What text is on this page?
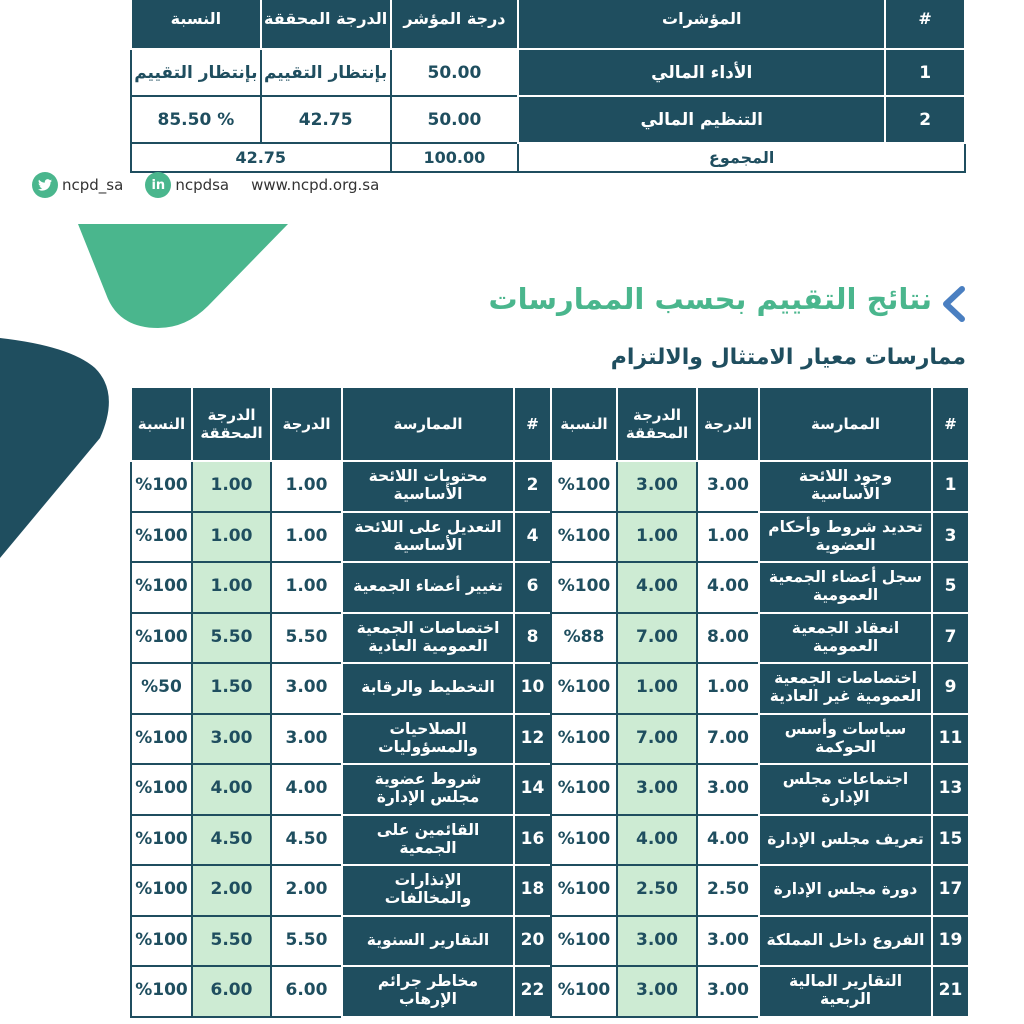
#	المؤشرات	درجة المؤشر	الدرجة المحققة	النسبة
1	الأداء المالي	50.00	بإنتظار التقييم	بإنتظار التقييم
2	التنظيم المالي	50.00	42.75	% 85.50
المجموع		100.00	42.75	
ncpd_sa	in ncpdsa www.ncpd.org.sa
نتائج التقييم بحسب الممارسات
ممارسات معيار الامتثال والالتزام
#	الممارسة	الدرجة	الدرجة المحققة	النسبة	#	الممارسة	الدرجة	الدرجة المحققة	النسبة
1	وجود اللائحة الأساسية	3.00	3.00	%100	2	محتويات اللائحة الأساسية	1.00	1.00	%100
3	تحديد شروط وأحكام العضوية	1.00	1.00	%100	4	التعديل على اللائحة الأساسية	1.00	1.00	%100
5	سجل أعضاء الجمعية العمومية	4.00	4.00	%100	6	تغيير أعضاء الجمعية	1.00	1.00	%100
7	انعقاد الجمعية العمومية	8.00	7.00	%88	8	اختصاصات الجمعية العمومية العادية	5.50	5.50	%100
9	اختصاصات الجمعية العمومية غير العادية	1.00	1.00	%100	10	التخطيط والرقابة	3.00	1.50	%50
11	سياسات وأسس الحوكمة	7.00	7.00	%100	12	الصلاحيات والمسؤوليات	3.00	3.00	%100
13	اجتماعات مجلس الإدارة	3.00	3.00	%100	14	شروط عضوية مجلس الإدارة	4.00	4.00	%100
15	تعريف مجلس الإدارة	4.00	4.00	%100	16	القائمين على الجمعية	4.50	4.50	%100
17	دورة مجلس الإدارة	2.50	2.50	%100	18	الإنذارات والمخالفات	2.00	2.00	%100
19	الفروع داخل المملكة	3.00	3.00	%100	20	التقارير السنوية	5.50	5.50	%100
21	التقارير المالية الربعية	3.00	3.00	%100	22	مخاطر جرائم الإرهاب	6.00	6.00	%100
